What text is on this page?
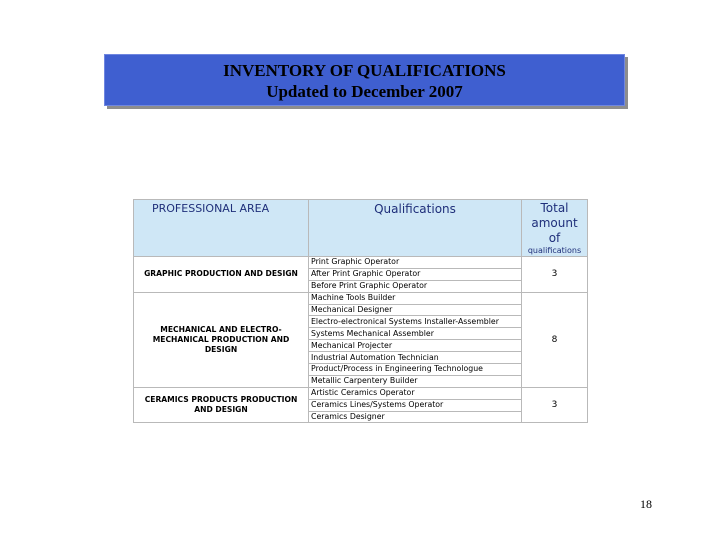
INVENTORY OF QUALIFICATIONS
Updated to December 2007
PROFESSIONAL AREA	Qualifications	Total
amount
of
qualifications

GRAPHIC PRODUCTION AND DESIGN	Print Graphic Operator	3
	After Print Graphic Operator	
	Before Print Graphic Operator	
MECHANICAL AND ELECTRO-MECHANICAL PRODUCTION AND DESIGN	Machine Tools Builder	8
	Mechanical Designer	
	Electro-electronical Systems Installer-Assembler	
	Systems Mechanical Assembler	
	Mechanical Projecter	
	Industrial Automation Technician	
	Product/Process in Engineering Technologue	
	Metallic Carpentery Builder	
CERAMICS PRODUCTS PRODUCTION AND DESIGN	Artistic Ceramics Operator	3
	Ceramics Lines/Systems Operator	
	Ceramics Designer	
18
